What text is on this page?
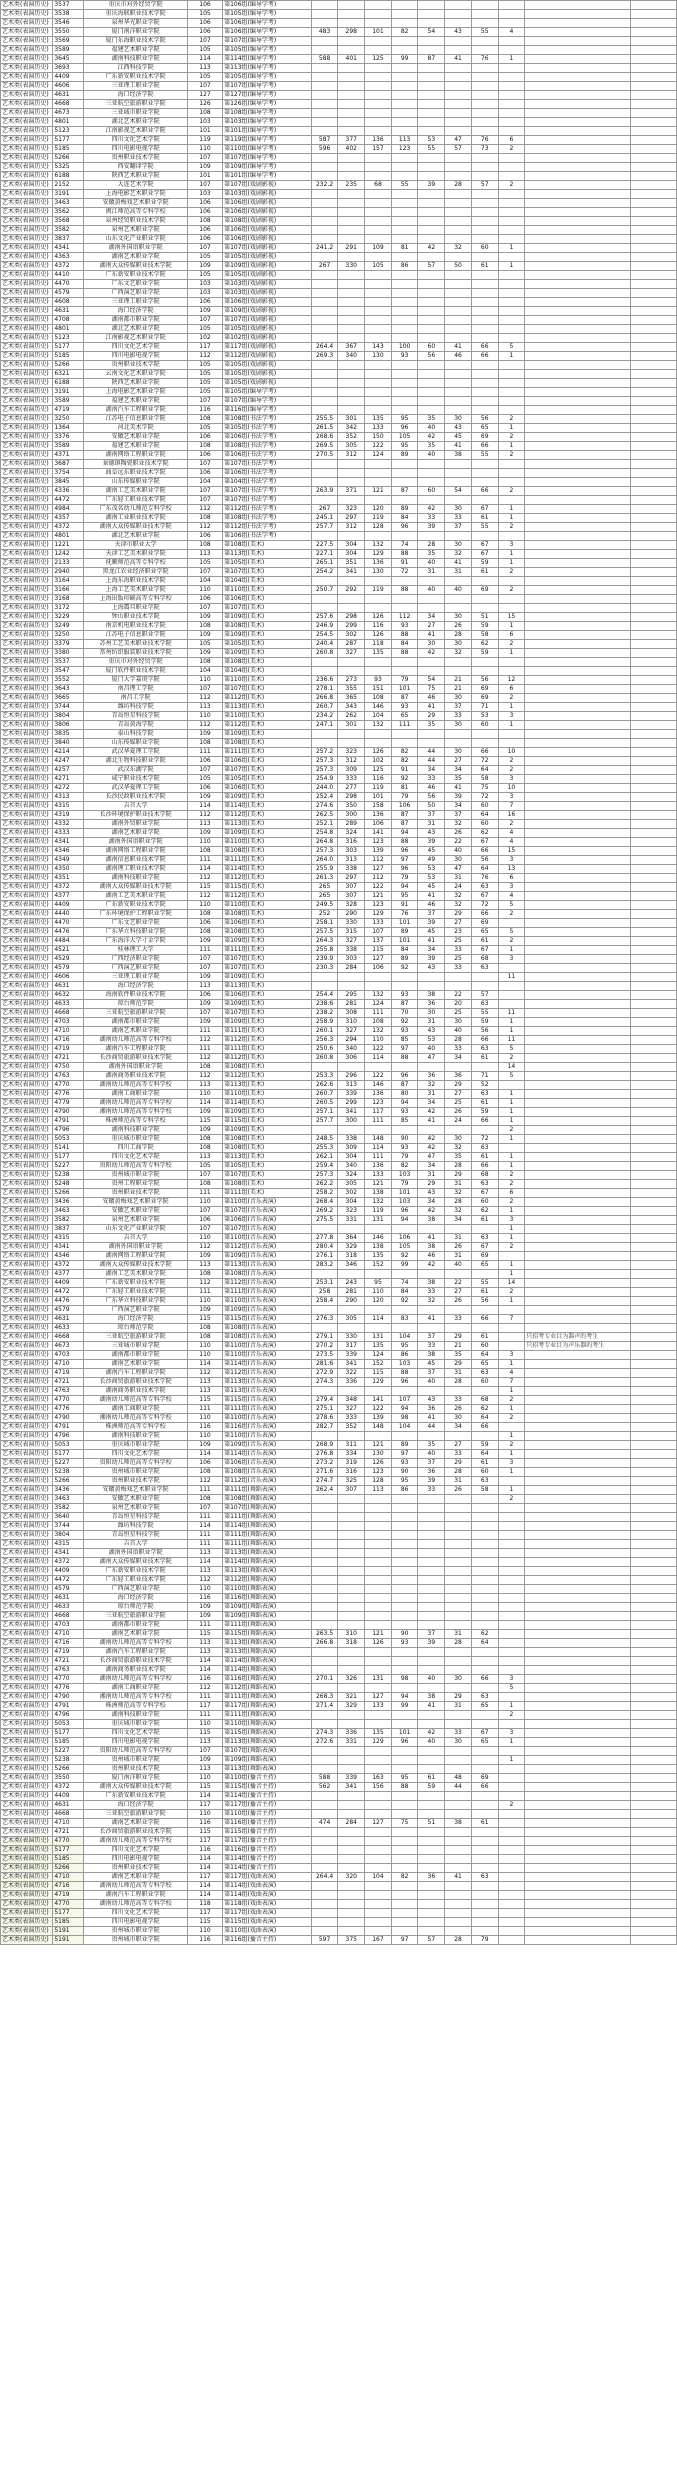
艺术类(表演历史)	3537	重庆市对外经贸学院	106	第106组(编导学考)										
艺术类(表演历史)	3538	重庆海联职业技术学院	105	第105组(编导学考)										
艺术类(表演历史)	3546	泉州华光职业学院	106	第106组(编导学考)										
艺术类(表演历史)	3550	厦门南洋职业学院	106	第106组(编导学考)	483	298	101	82	54	43	55	4		
艺术类(表演历史)	3569	厦门东海职业技术学院	107	第107组(编导学考)										
艺术类(表演历史)	3589	福建艺术职业学院	105	第105组(编导学考)										
艺术类(表演历史)	3645	湖南科技职业学院	114	第114组(编导学考)	588	401	125	99	87	41	76	1		
艺术类(表演历史)	3693	江西科技学院	113	第113组(编导学考)										
艺术类(表演历史)	4409	广东新安职业技术学院	105	第105组(编导学考)										
艺术类(表演历史)	4606	三亚理工职业学院	107	第107组(编导学考)										
艺术类(表演历史)	4631	海口经济学院	127	第127组(编导学考)										
艺术类(表演历史)	4668	三亚航空旅游职业学院	126	第126组(编导学考)										
艺术类(表演历史)	4673	三亚城市职业学院	108	第108组(编导学考)										
艺术类(表演历史)	4801	湖北艺术职业学院	103	第103组(编导学考)										
艺术类(表演历史)	5123	江南影视艺术职业学院	101	第101组(编导学考)										
艺术类(表演历史)	5177	四川文化艺术学院	119	第119组(编导学考)	587	377	136	113	53	47	76	6		
艺术类(表演历史)	5185	四川电影电视学院	110	第110组(编导学考)	596	402	157	123	55	57	73	2		
艺术类(表演历史)	5266	贵州职业技术学院	107	第107组(编导学考)										
艺术类(表演历史)	5325	西安翻译学院	109	第109组(编导学考)										
艺术类(表演历史)	6188	陕西艺术职业学院	101	第101组(编导学考)										
艺术类(表演历史)	2152	大连艺术学院	107	第107组(戏剧影视)	232.2	235	68	55	39	28	57	2		
艺术类(表演历史)	3191	上海电影艺术职业学院	103	第103组(戏剧影视)										
艺术类(表演历史)	3463	安徽黄梅戏艺术职业学院	106	第106组(戏剧影视)										
艺术类(表演历史)	3562	闽江师范高等专科学校	106	第106组(戏剧影视)										
艺术类(表演历史)	3568	泉州经贸职业技术学院	108	第108组(戏剧影视)										
艺术类(表演历史)	3582	泉州艺术职业学院	106	第106组(戏剧影视)										
艺术类(表演历史)	3837	山东文化产业职业学院	106	第106组(戏剧影视)										
艺术类(表演历史)	4341	湖南外国语职业学院	107	第107组(戏剧影视)	241.2	291	109	81	42	32	60	1		
艺术类(表演历史)	4363	湖南艺术职业学院	105	第105组(戏剧影视)										
艺术类(表演历史)	4372	湖南大众传媒职业技术学院	109	第109组(戏剧影视)	267	330	105	86	57	50	61	1		
艺术类(表演历史)	4410	广东新安职业技术学院	105	第105组(戏剧影视)										
艺术类(表演历史)	4470	广东文艺职业学院	103	第103组(戏剧影视)										
艺术类(表演历史)	4579	广西演艺职业学院	103	第103组(戏剧影视)										
艺术类(表演历史)	4608	三亚理工职业学院	106	第106组(戏剧影视)										
艺术类(表演历史)	4631	海口经济学院	109	第109组(戏剧影视)										
艺术类(表演历史)	4708	湖南都市职业学院	107	第107组(戏剧影视)										
艺术类(表演历史)	4801	湖北艺术职业学院	105	第105组(戏剧影视)										
艺术类(表演历史)	5123	江南影视艺术职业学院	102	第102组(戏剧影视)										
艺术类(表演历史)	5177	四川文化艺术学院	117	第117组(戏剧影视)	264.4	367	143	100	60	41	66	5		
艺术类(表演历史)	5185	四川电影电视学院	112	第112组(戏剧影视)	269.3	340	130	93	56	46	66	1		
艺术类(表演历史)	5266	贵州职业技术学院	105	第105组(戏剧影视)										
艺术类(表演历史)	6321	云南文化艺术职业学院	105	第105组(戏剧影视)										
艺术类(表演历史)	6188	陕西艺术职业学院	105	第105组(戏剧影视)										
艺术类(表演历史)	3191	上海电影艺术职业学院	105	第105组(编导学考)										
艺术类(表演历史)	3589	福建艺术职业学院	107	第107组(编导学考)										
艺术类(表演历史)	4719	湖南汽车工程职业学院	116	第116组(编导学考)										
艺术类(表演历史)	3250	江苏电子信息职业学院	108	第108组(书法学考)	255.5	301	135	95	35	30	56	2		
艺术类(表演历史)	1364	河北美术学院	105	第105组(书法学考)	261.5	342	133	96	40	43	65	1		
艺术类(表演历史)	3376	安徽艺术职业学院	106	第106组(书法学考)	268.6	352	150	105	42	45	69	2		
艺术类(表演历史)	3589	福建艺术职业学院	108	第108组(书法学考)	269.5	305	122	95	35	41	66	1		
艺术类(表演历史)	4371	湖南网络工程职业学院	106	第106组(书法学考)	270.5	312	124	89	40	38	55	2		
艺术类(表演历史)	3687	景德镇陶瓷职业技术学院	107	第107组(书法学考)										
艺术类(表演历史)	3754	曲阜远东职业技术学院	106	第106组(书法学考)										
艺术类(表演历史)	3845	山东传媒职业学院	104	第104组(书法学考)										
艺术类(表演历史)	4336	湖南工艺美术职业学院	107	第107组(书法学考)	263.9	371	121	87	60	54	66	2		
艺术类(表演历史)	4472	广东轻工职业技术学院	107	第107组(书法学考)										
艺术类(表演历史)	4984	广东茂名幼儿师范专科学校	112	第112组(书法学考)	267	323	120	89	42	30	67	1		
艺术类(表演历史)	4357	湖南工业职业技术学院	108	第108组(书法学考)	245.1	297	119	84	33	33	61	1		
艺术类(表演历史)	4372	湖南大众传媒职业技术学院	112	第112组(书法学考)	257.7	312	128	96	39	37	55	2		
艺术类(表演历史)	4801	湖北艺术职业学院	106	第106组(书法学考)										
艺术类(表演历史)	1221	天津市职业大学	108	第108组(美术)	227.5	304	132	74	28	30	67	3		
艺术类(表演历史)	1242	天津工艺美术职业学院	113	第113组(美术)	227.1	304	129	88	35	32	67	1		
艺术类(表演历史)	2133	抚顺师范高等专科学校	105	第105组(美术)	265.1	351	136	91	40	41	59	1		
艺术类(表演历史)	2940	黑龙江农业经济职业学院	107	第107组(美术)	254.2	341	130	72	31	31	61	2		
艺术类(表演历史)	3164	上海东海职业技术学院	104	第104组(美术)										
艺术类(表演历史)	3166	上海工艺美术职业学院	110	第110组(美术)	250.7	292	119	88	40	40	69	2		
艺术类(表演历史)	3168	上海出版印刷高等专科学校	106	第106组(美术)										
艺术类(表演历史)	3172	上海震旦职业学院	107	第107组(美术)										
艺术类(表演历史)	3229	钟山职业技术学院	109	第109组(美术)	257.6	298	126	112	34	30	51	15		
艺术类(表演历史)	3249	南京机电职业技术学院	108	第108组(美术)	246.9	299	116	93	27	26	59	1		
艺术类(表演历史)	3250	江苏电子信息职业学院	109	第109组(美术)	254.5	302	126	88	41	28	58	6		
艺术类(表演历史)	3379	苏州工艺美术职业技术学院	105	第105组(美术)	240.4	287	118	84	30	30	62	2		
艺术类(表演历史)	3380	常州纺织服装职业技术学院	109	第109组(美术)	260.8	327	135	88	42	32	59	1		
艺术类(表演历史)	3537	重庆市对外经贸学院	108	第108组(美术)										
艺术类(表演历史)	3547	厦门软件职业技术学院	104	第104组(美术)										
艺术类(表演历史)	3552	厦门大学嘉庚学院	110	第110组(美术)	236.6	273	93	79	54	21	56	12		
艺术类(表演历史)	3643	南昌理工学院	107	第107组(美术)	278.1	355	151	101	75	21	69	6		
艺术类(表演历史)	3665	南昌工学院	112	第112组(美术)	266.8	365	108	87	46	30	69	2		
艺术类(表演历史)	3744	潍坊科技学院	113	第113组(美术)	260.7	343	146	93	41	37	71	1		
艺术类(表演历史)	3804	青岛恒星科技学院	110	第110组(美术)	234.2	262	104	65	29	33	53	3		
艺术类(表演历史)	3806	青岛黄海学院	112	第112组(美术)	247.1	301	132	111	35	30	60	1		
艺术类(表演历史)	3835	泰山科技学院	109	第109组(美术)										
艺术类(表演历史)	3840	山东传媒职业学院	108	第108组(美术)										
艺术类(表演历史)	4214	武汉华夏理工学院	111	第111组(美术)	257.2	323	126	82	44	30	66	10		
艺术类(表演历史)	4247	湖北生物科技职业学院	106	第106组(美术)	257.3	312	102	82	44	27	72	2		
艺术类(表演历史)	4257	武汉东湖学院	107	第107组(美术)	257.3	309	125	91	34	34	64	2		
艺术类(表演历史)	4271	咸宁职业技术学院	105	第105组(美术)	254.9	333	116	92	33	35	58	3		
艺术类(表演历史)	4272	武汉华夏理工学院	106	第106组(美术)	244.0	277	119	81	46	41	75	10		
艺术类(表演历史)	4313	长沙民政职业技术学院	109	第109组(美术)	252.4	298	101	79	56	39	72	3		
艺术类(表演历史)	4315	吉首大学	114	第114组(美术)	274.6	350	158	106	50	34	60	7		
艺术类(表演历史)	4319	长沙环境保护职业技术学院	112	第112组(美术)	262.5	300	136	87	37	37	64	16		
艺术类(表演历史)	4332	湖南外贸职业学院	113	第113组(美术)	252.1	289	106	87	31	32	60	2		
艺术类(表演历史)	4333	湖南艺术职业学院	109	第109组(美术)	254.8	324	141	94	43	26	62	4		
艺术类(表演历史)	4341	湖南外国语职业学院	110	第110组(美术)	264.8	316	123	88	39	22	67	4		
艺术类(表演历史)	4346	湖南网络工程职业学院	108	第108组(美术)	257.3	303	139	96	45	40	66	15		
艺术类(表演历史)	4349	湖南信息职业技术学院	111	第111组(美术)	264.0	313	112	97	49	30	56	3		
艺术类(表演历史)	4350	湖南理工职业技术学院	114	第114组(美术)	255.9	338	127	96	53	47	64	13		
艺术类(表演历史)	4351	湖南科技职业学院	112	第112组(美术)	261.3	297	112	79	53	31	76	6		
艺术类(表演历史)	4372	湖南大众传媒职业技术学院	115	第115组(美术)	265	307	122	94	45	24	63	3		
艺术类(表演历史)	4377	湖南工艺美术职业学院	112	第112组(美术)	265	307	121	95	41	32	67	4		
艺术类(表演历史)	4409	广东新安职业技术学院	110	第110组(美术)	249.5	328	123	91	46	32	72	5		
艺术类(表演历史)	4440	广东环境保护工程职业学院	108	第108组(美术)	252	290	129	76	37	29	66	2		
艺术类(表演历史)	4470	广东文艺职业学院	106	第106组(美术)	258.1	330	133	101	39	27	69			
艺术类(表演历史)	4476	广东华立科技职业学院	108	第108组(美术)	257.5	315	107	89	45	23	65	5		
艺术类(表演历史)	4484	广东海洋大学寸金学院	109	第109组(美术)	264.3	327	137	101	41	25	61	2		
艺术类(表演历史)	4521	桂林理工大学	111	第111组(美术)	255.8	338	115	84	34	33	67	1		
艺术类(表演历史)	4529	广西经济职业学院	107	第107组(美术)	239.9	303	127	89	39	25	68	3		
艺术类(表演历史)	4579	广西演艺职业学院	107	第107组(美术)	230.3	284	106	92	43	33	63			
艺术类(表演历史)	4606	三亚理工职业学院	109	第109组(美术)								11		
艺术类(表演历史)	4631	海口经济学院	113	第113组(美术)										
艺术类(表演历史)	4632	海南软件职业技术学院	106	第106组(美术)	254.4	295	132	93	38	22	57			
艺术类(表演历史)	4633	琼台师范学院	109	第109组(美术)	238.6	281	124	87	36	20	63			
艺术类(表演历史)	4668	三亚航空旅游职业学院	107	第107组(美术)	238.2	308	111	70	30	25	55	11		
艺术类(表演历史)	4703	湖南都市职业学院	109	第109组(美术)	258.9	310	108	92	31	30	59	1		
艺术类(表演历史)	4710	湖南艺术职业学院	111	第111组(美术)	260.1	327	132	93	43	40	56	1		
艺术类(表演历史)	4716	湖南幼儿师范高等专科学校	112	第112组(美术)	256.3	294	110	85	53	28	66	11		
艺术类(表演历史)	4719	湖南汽车工程职业学院	111	第111组(美术)	250.6	340	122	97	40	33	63	5		
艺术类(表演历史)	4721	长沙商贸旅游职业技术学院	112	第112组(美术)	260.8	306	114	88	47	34	61	2		
艺术类(表演历史)	4750	湖南外国语职业学院	108	第108组(美术)								14		
艺术类(表演历史)	4763	湖南商务职业技术学院	112	第112组(美术)	253.3	296	122	96	36	36	71	5		
艺术类(表演历史)	4770	湖南幼儿师范高等专科学校	113	第113组(美术)	262.6	313	146	87	32	29	52			
艺术类(表演历史)	4776	湖南工商职业学院	110	第110组(美术)	260.7	339	136	80	31	27	63	1		
艺术类(表演历史)	4779	湖南幼儿师范高等专科学校	114	第114组(美术)	260.5	299	123	94	34	25	61	1		
艺术类(表演历史)	4790	湘南幼儿师范高等专科学校	109	第109组(美术)	257.1	341	117	93	42	26	59	1		
艺术类(表演历史)	4791	株洲师范高等专科学校	115	第115组(美术)	257.7	300	111	85	41	24	66	1		
艺术类(表演历史)	4796	湖南科技职业学院	109	第109组(美术)								2		
艺术类(表演历史)	5053	重庆城市职业学院	108	第108组(美术)	248.5	338	148	90	42	30	72	1		
艺术类(表演历史)	5141	四川工商学院	108	第108组(美术)	255.3	309	114	93	42	32	63			
艺术类(表演历史)	5177	四川文化艺术学院	113	第113组(美术)	262.1	304	111	79	47	35	61	1		
艺术类(表演历史)	5227	贵阳幼儿师范高等专科学校	105	第105组(美术)	259.4	340	136	82	34	28	66	1		
艺术类(表演历史)	5238	贵州城市职业学院	107	第107组(美术)	257.3	324	133	103	31	29	68	2		
艺术类(表演历史)	5248	贵州工程职业学院	108	第108组(美术)	262.2	305	121	79	29	31	63	2		
艺术类(表演历史)	5266	贵州职业技术学院	111	第111组(美术)	258.2	302	138	101	43	32	67	6		
艺术类(表演历史)	3436	安徽黄梅戏艺术职业学院	110	第110组(音乐表演)	268.4	304	132	103	34	28	60	2		
艺术类(表演历史)	3463	安徽艺术职业学院	107	第107组(音乐表演)	269.2	323	119	96	42	32	62	1		
艺术类(表演历史)	3582	泉州艺术职业学院	106	第106组(音乐表演)	275.5	331	131	94	38	34	61	3		
艺术类(表演历史)	3837	山东文化产业职业学院	107	第107组(音乐表演)								1		
艺术类(表演历史)	4315	吉首大学	110	第110组(音乐表演)	277.8	364	146	106	41	31	63	1		
艺术类(表演历史)	4341	湖南外国语职业学院	112	第112组(音乐表演)	280.4	329	138	105	38	26	67	2		
艺术类(表演历史)	4346	湖南网络工程职业学院	109	第109组(音乐表演)	276.1	318	135	92	46	31	69			
艺术类(表演历史)	4372	湖南大众传媒职业技术学院	113	第113组(音乐表演)	283.2	346	152	99	42	40	65	1		
艺术类(表演历史)	4377	湖南工艺美术职业学院	108	第108组(音乐表演)								1		
艺术类(表演历史)	4409	广东新安职业技术学院	112	第112组(音乐表演)	253.1	243	95	74	38	22	55	14		
艺术类(表演历史)	4472	广东轻工职业技术学院	111	第111组(音乐表演)	258	281	110	84	33	27	61	2		
艺术类(表演历史)	4476	广东华立科技职业学院	110	第110组(音乐表演)	258.4	290	120	92	32	26	56	1		
艺术类(表演历史)	4579	广西演艺职业学院	109	第109组(音乐表演)										
艺术类(表演历史)	4631	海口经济学院	115	第115组(音乐表演)	276.3	305	114	83	41	33	66	7		
艺术类(表演历史)	4633	琼台师范学院	108	第108组(音乐表演)										
艺术类(表演历史)	4668	三亚航空旅游职业学院	108	第108组(音乐表演)	279.1	330	131	104	37	29	61		只招考专业目为器声的考生	
艺术类(表演历史)	4673	三亚城市职业学院	110	第110组(音乐表演)	270.2	317	135	95	33	21	60		只招考专业目为声乐器的考生	
艺术类(表演历史)	4703	湖南都市职业学院	110	第110组(音乐表演)	273.5	339	124	86	38	35	64	3		
艺术类(表演历史)	4710	湖南艺术职业学院	114	第114组(音乐表演)	281.6	341	152	103	45	29	65	1		
艺术类(表演历史)	4719	湖南汽车工程职业学院	112	第112组(音乐表演)	272.9	322	115	88	37	31	63	4		
艺术类(表演历史)	4721	长沙商贸旅游职业技术学院	113	第113组(音乐表演)	274.3	336	129	96	40	28	60	7		
艺术类(表演历史)	4763	湖南商务职业技术学院	113	第113组(音乐表演)								1		
艺术类(表演历史)	4770	湖南幼儿师范高等专科学校	115	第115组(音乐表演)	279.4	348	141	107	43	33	68	2		
艺术类(表演历史)	4776	湖南工商职业学院	111	第111组(音乐表演)	275.1	327	122	94	36	26	62	1		
艺术类(表演历史)	4790	湘南幼儿师范高等专科学校	110	第110组(音乐表演)	278.6	333	139	98	41	30	64	2		
艺术类(表演历史)	4791	株洲师范高等专科学校	116	第116组(音乐表演)	282.7	352	148	104	44	34	66			
艺术类(表演历史)	4796	湖南科技职业学院	110	第110组(音乐表演)								1		
艺术类(表演历史)	5053	重庆城市职业学院	109	第109组(音乐表演)	268.9	311	121	89	35	27	59	2		
艺术类(表演历史)	5177	四川文化艺术学院	114	第114组(音乐表演)	276.8	334	130	97	40	33	64	1		
艺术类(表演历史)	5227	贵阳幼儿师范高等专科学校	106	第106组(音乐表演)	273.2	319	126	93	37	29	61	3		
艺术类(表演历史)	5238	贵州城市职业学院	108	第108组(音乐表演)	271.6	316	123	90	36	28	60	1		
艺术类(表演历史)	5266	贵州职业技术学院	112	第112组(音乐表演)	274.7	325	128	95	39	31	63			
艺术类(表演历史)	3436	安徽黄梅戏艺术职业学院	111	第111组(舞蹈表演)	262.4	307	113	86	33	26	58	1		
艺术类(表演历史)	3463	安徽艺术职业学院	108	第108组(舞蹈表演)								2		
艺术类(表演历史)	3582	泉州艺术职业学院	107	第107组(舞蹈表演)										
艺术类(表演历史)	3640	青岛恒星科技学院	111	第111组(舞蹈表演)										
艺术类(表演历史)	3744	潍坊科技学院	114	第114组(舞蹈表演)										
艺术类(表演历史)	3804	青岛恒星科技学院	111	第111组(舞蹈表演)										
艺术类(表演历史)	4315	吉首大学	111	第111组(舞蹈表演)										
艺术类(表演历史)	4341	湖南外国语职业学院	113	第113组(舞蹈表演)										
艺术类(表演历史)	4372	湖南大众传媒职业技术学院	114	第114组(舞蹈表演)										
艺术类(表演历史)	4409	广东新安职业技术学院	113	第113组(舞蹈表演)										
艺术类(表演历史)	4472	广东轻工职业技术学院	112	第112组(舞蹈表演)										
艺术类(表演历史)	4579	广西演艺职业学院	110	第110组(舞蹈表演)										
艺术类(表演历史)	4631	海口经济学院	116	第116组(舞蹈表演)										
艺术类(表演历史)	4633	琼台师范学院	109	第109组(舞蹈表演)										
艺术类(表演历史)	4668	三亚航空旅游职业学院	109	第109组(舞蹈表演)										
艺术类(表演历史)	4703	湖南都市职业学院	111	第111组(舞蹈表演)										
艺术类(表演历史)	4710	湖南艺术职业学院	115	第115组(舞蹈表演)	263.5	310	121	90	37	31	62			
艺术类(表演历史)	4716	湖南幼儿师范高等专科学校	113	第113组(舞蹈表演)	266.8	318	126	93	39	28	64			
艺术类(表演历史)	4719	湖南汽车工程职业学院	113	第113组(舞蹈表演)										
艺术类(表演历史)	4721	长沙商贸旅游职业技术学院	114	第114组(舞蹈表演)										
艺术类(表演历史)	4763	湖南商务职业技术学院	114	第114组(舞蹈表演)										
艺术类(表演历史)	4770	湖南幼儿师范高等专科学校	116	第116组(舞蹈表演)	270.1	326	131	98	40	30	66	3		
艺术类(表演历史)	4776	湖南工商职业学院	112	第112组(舞蹈表演)								5		
艺术类(表演历史)	4790	湘南幼儿师范高等专科学校	111	第111组(舞蹈表演)	268.3	321	127	94	38	29	63			
艺术类(表演历史)	4791	株洲师范高等专科学校	117	第117组(舞蹈表演)	271.4	329	133	99	41	31	65	1		
艺术类(表演历史)	4796	湖南科技职业学院	111	第111组(舞蹈表演)								2		
艺术类(表演历史)	5053	重庆城市职业学院	110	第110组(舞蹈表演)										
艺术类(表演历史)	5177	四川文化艺术学院	115	第115组(舞蹈表演)	274.3	336	135	101	42	33	67	3		
艺术类(表演历史)	5185	四川电影电视学院	113	第113组(舞蹈表演)	272.6	331	129	96	40	30	65	1		
艺术类(表演历史)	5227	贵阳幼儿师范高等专科学校	107	第107组(舞蹈表演)										
艺术类(表演历史)	5238	贵州城市职业学院	109	第109组(舞蹈表演)								1		
艺术类(表演历史)	5266	贵州职业技术学院	113	第113组(舞蹈表演)										
艺术类(表演历史)	3550	厦门南洋职业学院	110	第110组(播音主持)	588	339	163	95	61	48	69			
艺术类(表演历史)	4372	湖南大众传媒职业技术学院	115	第115组(播音主持)	562	341	156	88	59	44	66			
艺术类(表演历史)	4409	广东新安职业技术学院	114	第114组(播音主持)										
艺术类(表演历史)	4631	海口经济学院	117	第117组(播音主持)								2		
艺术类(表演历史)	4668	三亚航空旅游职业学院	110	第110组(播音主持)										
艺术类(表演历史)	4710	湖南艺术职业学院	116	第116组(播音主持)	474	284	127	75	51	38	61			
艺术类(表演历史)	4721	长沙商贸旅游职业技术学院	115	第115组(播音主持)										
艺术类(表演历史)	4770	湖南幼儿师范高等专科学校	117	第117组(播音主持)										
艺术类(表演历史)	5177	四川文化艺术学院	116	第116组(播音主持)										
艺术类(表演历史)	5185	四川电影电视学院	114	第114组(播音主持)										
艺术类(表演历史)	5266	贵州职业技术学院	114	第114组(播音主持)										
艺术类(表演历史)	4710	湖南艺术职业学院	117	第117组(戏曲表演)	264.4	320	104	82	36	41	63			
艺术类(表演历史)	4716	湖南幼儿师范高等专科学校	114	第114组(戏曲表演)										
艺术类(表演历史)	4719	湖南汽车工程职业学院	114	第114组(戏曲表演)										
艺术类(表演历史)	4770	湖南幼儿师范高等专科学校	118	第118组(戏曲表演)										
艺术类(表演历史)	5177	四川文化艺术学院	117	第117组(戏曲表演)										
艺术类(表演历史)	5185	四川电影电视学院	115	第115组(戏曲表演)										
艺术类(表演历史)	5191	贵州城市职业学院	110	第110组(戏曲表演)										
艺术类(表演历史)	5191	贵州城市职业学院	116	第116组(播音主持)	597	375	167	97	57	28	79			
